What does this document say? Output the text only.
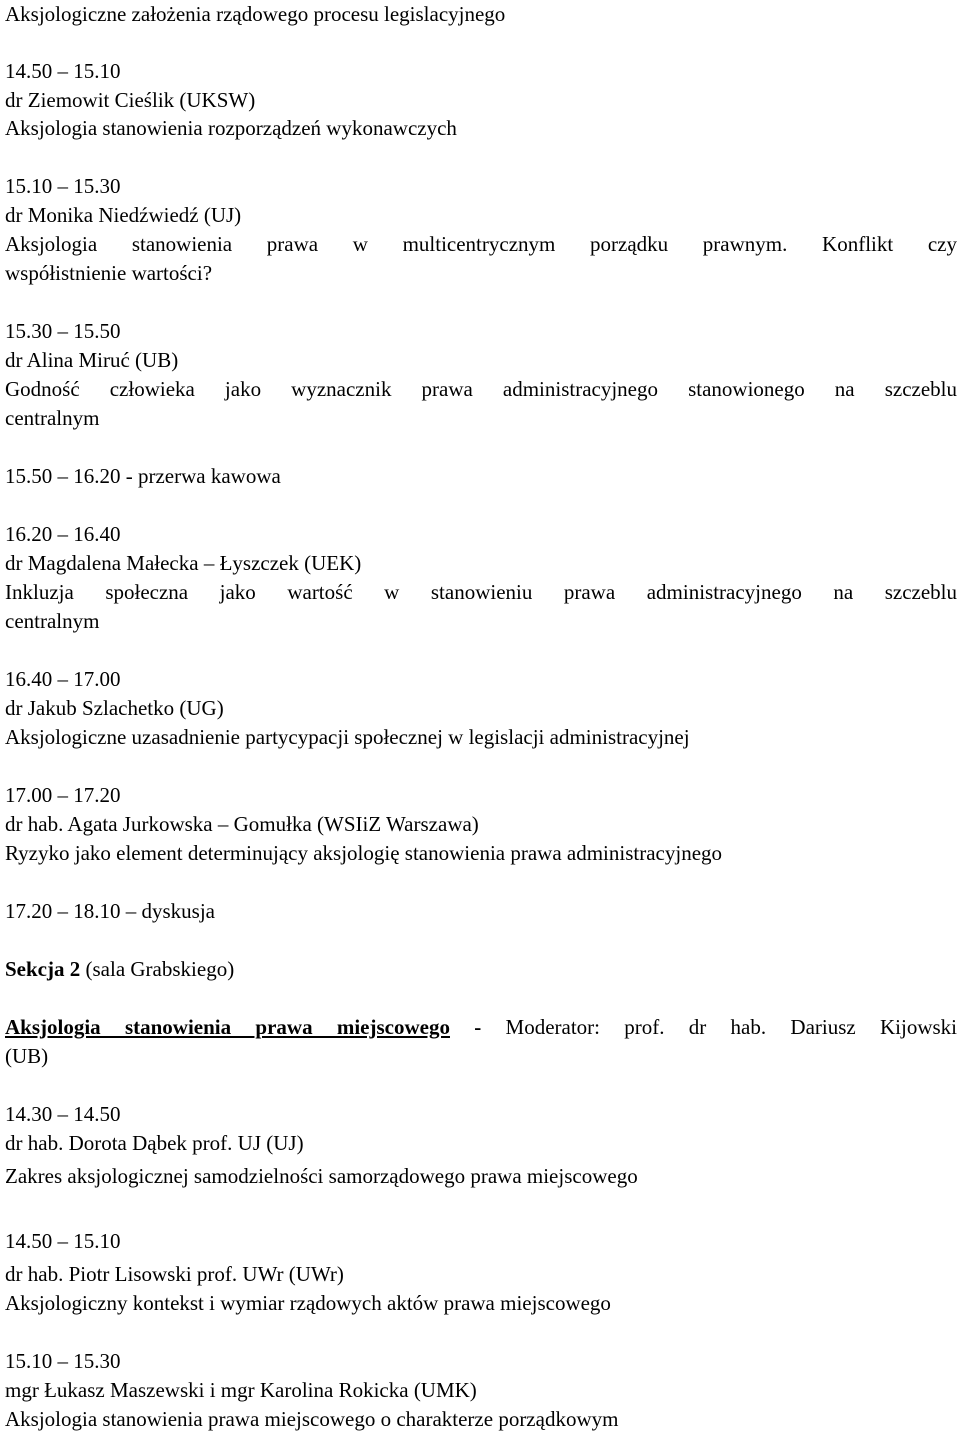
Aksjologiczne założenia rządowego procesu legislacyjnego
14.50 – 15.10
dr Ziemowit Cieślik (UKSW)
Aksjologia stanowienia rozporządzeń wykonawczych
15.10 – 15.30
dr Monika Niedźwiedź (UJ)
Aksjologia stanowienia prawa w multicentrycznym porządku prawnym. Konflikt czy
współistnienie wartości?
15.30 – 15.50
dr Alina Miruć (UB)
Godność człowieka jako wyznacznik prawa administracyjnego stanowionego na szczeblu
centralnym
15.50 – 16.20 - przerwa kawowa
16.20 – 16.40
dr Magdalena Małecka – Łyszczek (UEK)
Inkluzja społeczna jako wartość w stanowieniu prawa administracyjnego na szczeblu
centralnym
16.40 – 17.00
dr Jakub Szlachetko (UG)
Aksjologiczne uzasadnienie partycypacji społecznej w legislacji administracyjnej
17.00 – 17.20
dr hab. Agata Jurkowska – Gomułka (WSIiZ Warszawa)
Ryzyko jako element determinujący aksjologię stanowienia prawa administracyjnego
17.20 – 18.10 – dyskusja
Sekcja 2 (sala Grabskiego)
Aksjologia stanowienia prawa miejscowego - Moderator: prof. dr hab. Dariusz Kijowski
(UB)
14.30 – 14.50
dr hab. Dorota Dąbek prof. UJ (UJ)
Zakres aksjologicznej samodzielności samorządowego prawa miejscowego
14.50 – 15.10
dr hab. Piotr Lisowski prof. UWr (UWr)
Aksjologiczny kontekst i wymiar rządowych aktów prawa miejscowego
15.10 – 15.30
mgr Łukasz Maszewski i mgr Karolina Rokicka (UMK)
Aksjologia stanowienia prawa miejscowego o charakterze porządkowym
